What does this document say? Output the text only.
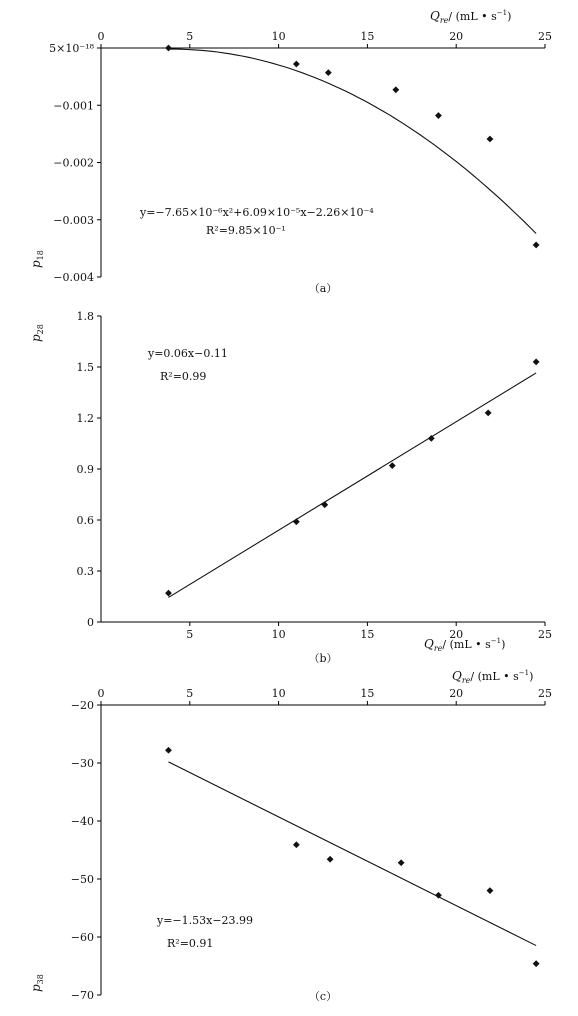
0	5	10	15	20	25
5×10⁻¹⁸
−0.001
−0.002
−0.003
−0.004
y=−7.65×10⁻⁶x²+6.09×10⁻⁵x−2.26×10⁻⁴
R²=9.85×10⁻¹
$p_{18}$
$Q_{re}/$ (mL • $s^{-1}$)
（a）
5	10	15	20	25
0
0.3
0.6
0.9
1.2
1.5
1.8
y=0.06x−0.11
R²=0.99
$p_{28}$
$Q_{re}/$ (mL • $s^{-1}$)
（b）
0	5	10	15	20	25
−20
−30
−40
−50
−60
−70
y=−1.53x−23.99
R²=0.91
$p_{38}$
$Q_{re}/$ (mL • $s^{-1}$)
（c）
